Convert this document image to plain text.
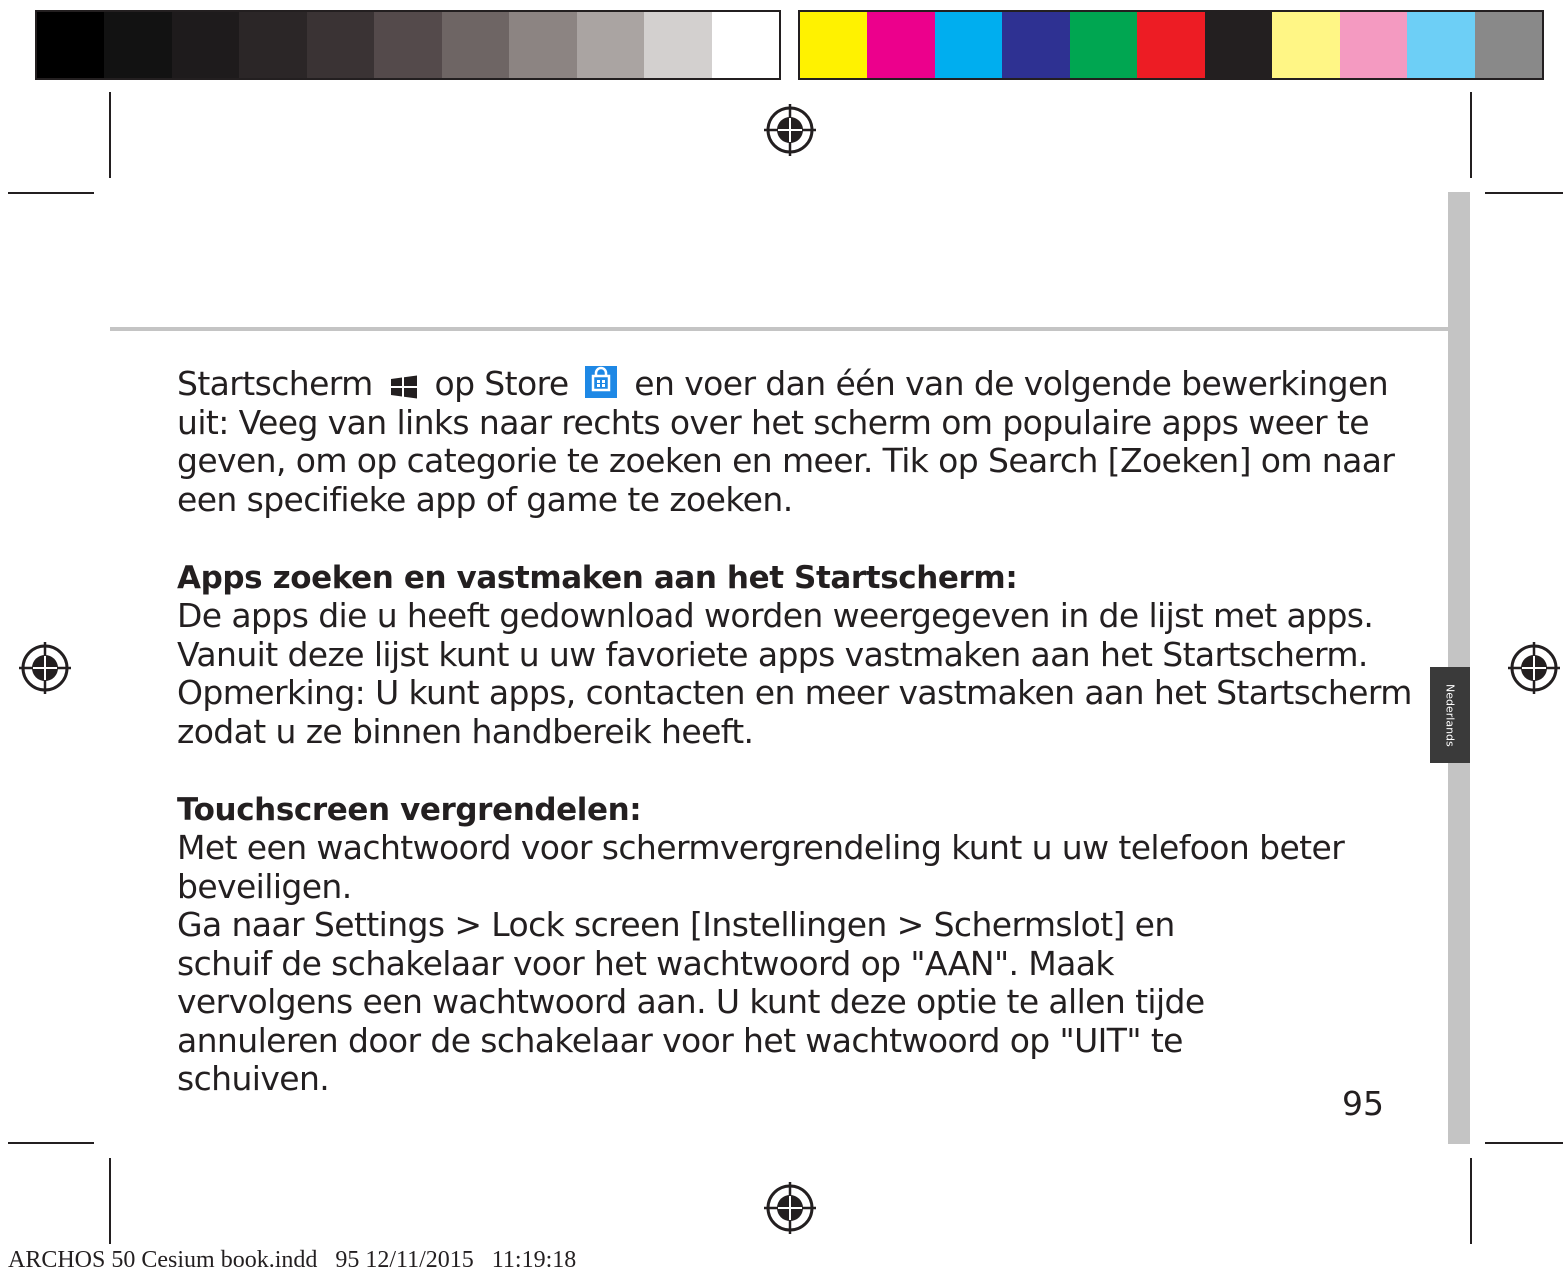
Nederlands

Startscherm  op Store  en voer dan één van de volgende bewerkingen uit: Veeg van links naar rechts over het scherm om populaire apps weer te geven, om op categorie te zoeken en meer. Tik op Search [Zoeken] om naar een specifieke app of game te zoeken.

Apps zoeken en vastmaken aan het Startscherm:

De apps die u heeft gedownload worden weergegeven in de lijst met apps. Vanuit deze lijst kunt u uw favoriete apps vastmaken aan het Startscherm.

Opmerking: U kunt apps, contacten en meer vastmaken aan het Startscherm zodat u ze binnen handbereik heeft.

Touchscreen vergrendelen:

Met een wachtwoord voor schermvergrendeling kunt u uw telefoon beter beveiligen.

Ga naar Settings > Lock screen [Instellingen > Schermslot] en schuif de schakelaar voor het wachtwoord op "AAN". Maak vervolgens een wachtwoord aan. U kunt deze optie te allen tijde annuleren door de schakelaar voor het wachtwoord op "UIT" te schuiven.

95
ARCHOS 50 Cesium book.indd   95 12/11/2015   11:19:18
